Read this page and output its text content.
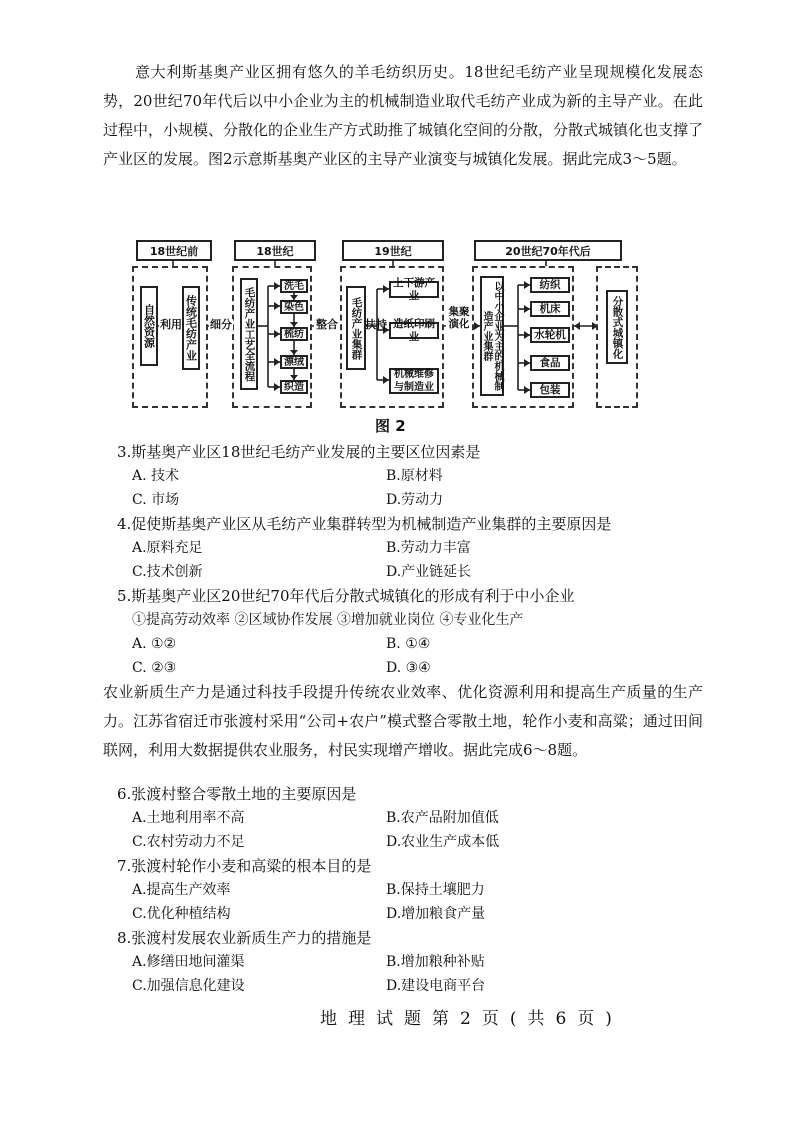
意大利斯基奥产业区拥有悠久的羊毛纺织历史。18世纪毛纺产业呈现规模化发展态势，20世纪70年代后以中小企业为主的机械制造业取代毛纺产业成为新的主导产业。在此过程中，小规模、分散化的企业生产方式助推了城镇化空间的分散，分散式城镇化也支撑了产业区的发展。图2示意斯基奥产业区的主导产业演变与城镇化发展。据此完成3～5题。
18世纪前	18世纪	19世纪	20世纪70年代后
自然资源 利用 传统毛纺产业 细分 毛纺产业工艺全流程
洗毛
染色
梳纺
漂绒
织造
整合 毛纺产业集群 扶持
上下游产业
造纸印刷业
机械维修与制造业
集聚演化	以中小企业为主的机械制造产业集群
纺织
机床
水轮机
食品
包装
分散式城镇化
图 2
3.斯基奥产业区18世纪毛纺产业发展的主要区位因素是
A. 技术	B.原材料
C. 市场	D.劳动力
4.促使斯基奥产业区从毛纺产业集群转型为机械制造产业集群的主要原因是
A.原料充足	B.劳动力丰富
C.技术创新	D.产业链延长
5.斯基奥产业区20世纪70年代后分散式城镇化的形成有利于中小企业
①提高劳动效率 ②区域协作发展 ③增加就业岗位 ④专业化生产
A. ①②	B. ①④
C. ②③	D. ③④
农业新质生产力是通过科技手段提升传统农业效率、优化资源利用和提高生产质量的生产力。江苏省宿迁市张渡村采用“公司+农户”模式整合零散土地，轮作小麦和高粱；通过田间联网，利用大数据提供农业服务，村民实现增产增收。据此完成6～8题。
6.张渡村整合零散土地的主要原因是
A.土地利用率不高	B.农产品附加值低
C.农村劳动力不足	D.农业生产成本低
7.张渡村轮作小麦和高粱的根本目的是
A.提高生产效率	B.保持土壤肥力
C.优化种植结构	D.增加粮食产量
8.张渡村发展农业新质生产力的措施是
A.修缮田地间灌渠	B.增加粮种补贴
C.加强信息化建设	D.建设电商平台
地理试题第2页(共6页)
